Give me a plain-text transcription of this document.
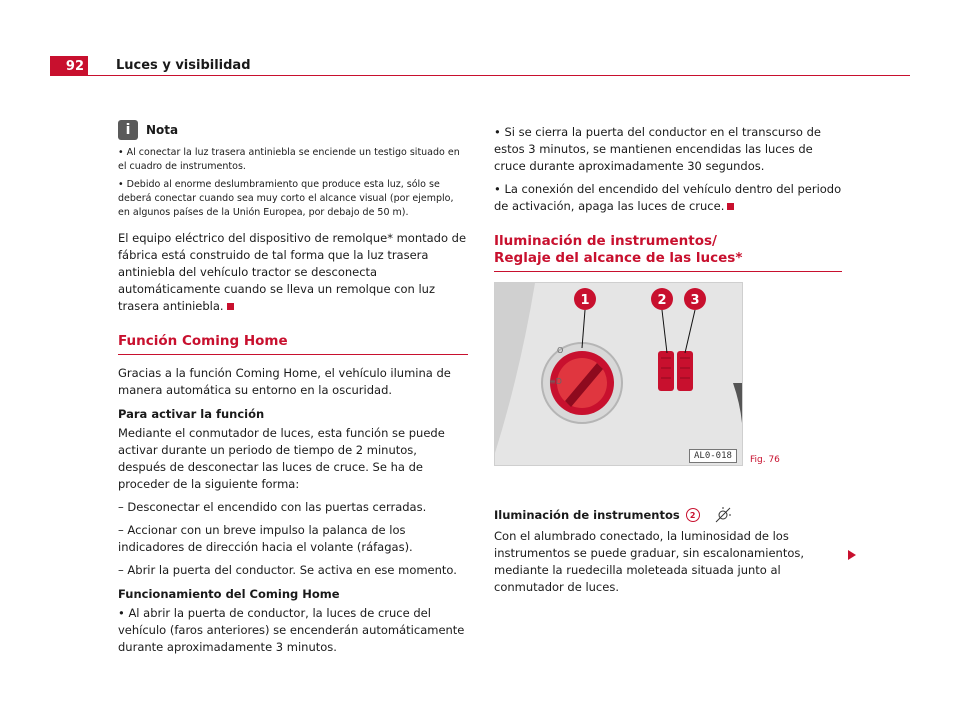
92	Luces y visibilidad
i	Nota

• Al conectar la luz trasera antiniebla se enciende un testigo situado en el cuadro de instrumentos.

• Debido al enorme deslumbramiento que produce esta luz, sólo se deberá conectar cuando sea muy corto el alcance visual (por ejemplo, en algunos países de la Unión Europea, por debajo de 50 m).

El equipo eléctrico del dispositivo de remolque* montado de fábrica está construido de tal forma que la luz trasera antiniebla del vehículo tractor se desconecta automáticamente cuando se lleva un remolque con luz trasera antiniebla.

Función Coming Home

Gracias a la función Coming Home, el vehículo ilumina de manera automática su entorno en la oscuridad.

Para activar la función

Mediante el conmutador de luces, esta función se puede activar durante un periodo de tiempo de 2 minutos, después de desconectar las luces de cruce. Se ha de proceder de la siguiente forma:

– Desconectar el encendido con las puertas cerradas.

– Accionar con un breve impulso la palanca de los indicadores de dirección hacia el volante (ráfagas).

– Abrir la puerta del conductor. Se activa en ese momento.

Funcionamiento del Coming Home

• Al abrir la puerta de conductor, la luces de cruce del vehículo (faros anteriores) se encenderán automáticamente durante aproximadamente 3 minutos.

• Si se cierra la puerta del conductor en el transcurso de estos 3 minutos, se mantienen encendidas las luces de cruce durante aproximadamente 30 segundos.

• La conexión del encendido del vehículo dentro del periodo de activación, apaga las luces de cruce.

Iluminación de instrumentos/
Reglaje del alcance de las luces*
O
≡D
1	2 3
AL0-018	Fig. 76
Iluminación de instrumentos	2

Con el alumbrado conectado, la luminosidad de los instrumentos se puede graduar, sin escalonamientos, mediante la ruedecilla moleteada situada junto al conmutador de luces.
